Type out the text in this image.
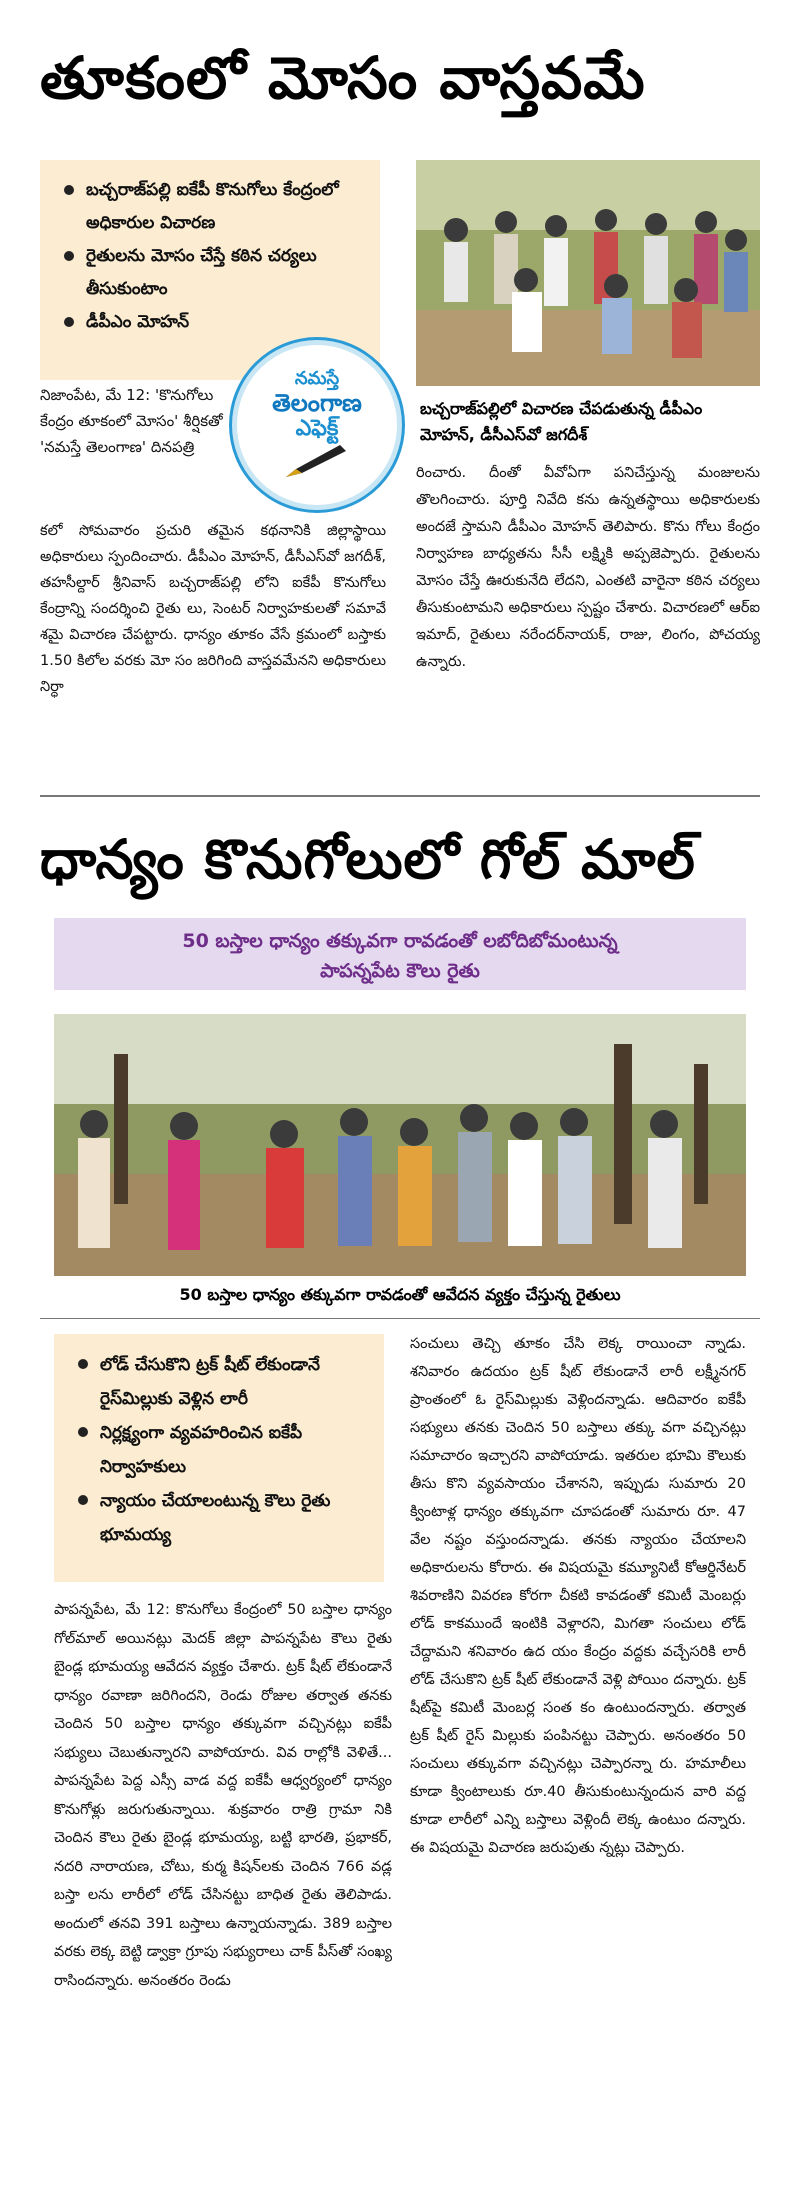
తూకంలో మోసం వాస్తవమే
బచ్చరాజ్‌పల్లి ఐకేపీ కొనుగోలు కేంద్రంలో అధికారుల విచారణ
రైతులను మోసం చేస్తే కఠిన చర్యలు తీసుకుంటాం
డీపీఎం మోహన్
నమస్తే
తెలంగాణ
ఎఫెక్ట్
బచ్చరాజ్‌పల్లిలో విచారణ చేపడుతున్న డీపీఎం మోహన్, డీసీఎస్‌వో జగదీశ్
నిజాంపేట, మే 12: 'కొనుగోలు కేంద్రం తూకంలో మోసం' శీర్షికతో 'నమస్తే తెలంగాణ' దినపత్రి
కలో సోమవారం ప్రచురి తమైన కథనానికి జిల్లాస్థాయి అధికారులు స్పందించారు. డీపీఎం మోహన్, డీసీఎస్‌వో జగదీశ్, తహసీల్దార్ శ్రీనివాస్ బచ్చరాజ్‌పల్లి లోని ఐకేపీ కొనుగోలు కేంద్రాన్ని సందర్శించి రైతు లు, సెంటర్ నిర్వాహకులతో సమావే శమై విచారణ చేపట్టారు. ధాన్యం తూకం వేసే క్రమంలో బస్తాకు 1.50 కిలోల వరకు మో సం జరిగింది వాస్తవమేనని అధికారులు నిర్ధా
రించారు. దీంతో వీవోఏగా పనిచేస్తున్న మంజులను తొలగించారు. పూర్తి నివేది కను ఉన్నతస్థాయి అధికారులకు అందజే స్తామని డీపీఎం మోహన్ తెలిపారు. కొను గోలు కేంద్రం నిర్వాహణ బాధ్యతను సీసీ లక్ష్మికి అప్పజెప్పారు. రైతులను మోసం చేస్తే ఊరుకునేది లేదని, ఎంతటి వారైనా కఠిన చర్యలు తీసుకుంటామని అధికారులు స్పష్టం చేశారు. విచారణలో ఆర్‌ఐ ఇమాద్, రైతులు నరేందర్‌నాయక్, రాజు, లింగం, పోచయ్య ఉన్నారు.
ధాన్యం కొనుగోలులో గోల్ మాల్
50 బస్తాల ధాన్యం తక్కువగా రావడంతో లబోదిబోమంటున్న
పాపన్నపేట కౌలు రైతు
50 బస్తాల ధాన్యం తక్కువగా రావడంతో ఆవేదన వ్యక్తం చేస్తున్న రైతులు
లోడ్ చేసుకొని ట్రక్ షీట్ లేకుండానే రైస్‌మిల్లుకు వెళ్లిన లారీ
నిర్లక్ష్యంగా వ్యవహరించిన ఐకేపీ నిర్వాహకులు
న్యాయం చేయాలంటున్న కౌలు రైతు భూమయ్య
పాపన్నపేట, మే 12: కొనుగోలు కేంద్రంలో 50 బస్తాల ధాన్యం గోల్‌మాల్ అయినట్లు మెదక్ జిల్లా పాపన్నపేట కౌలు రైతు బైండ్ల భూమయ్య ఆవేదన వ్యక్తం చేశారు. ట్రక్ షీట్ లేకుండానే ధాన్యం రవాణా జరిగిందని, రెండు రోజుల తర్వాత తనకు చెందిన 50 బస్తాల ధాన్యం తక్కువగా వచ్చినట్లు ఐకేపీ సభ్యులు చెబుతున్నారని వాపోయారు. వివ రాల్లోకి వెళితే... పాపన్నపేట పెద్ద ఎస్సీ వాడ వద్ద ఐకేపీ ఆధ్వర్యంలో ధాన్యం కొనుగోళ్లు జరుగుతున్నాయి. శుక్రవారం రాత్రి గ్రామా నికి చెందిన కౌలు రైతు బైండ్ల భూమయ్య, బట్టి భారతి, ప్రభాకర్, నదరి నారాయణ, చోటు, కుర్మ కిషన్‌లకు చెందిన 766 వడ్ల బస్తా లను లారీలో లోడ్ చేసినట్టు బాధిత రైతు తెలిపాడు. అందులో తనవి 391 బస్తాలు ఉన్నాయన్నాడు. 389 బస్తాల వరకు లెక్క బెట్టి డ్వాక్రా గ్రూపు సభ్యురాలు చాక్ పీస్‌తో సంఖ్య రాసిందన్నారు. అనంతరం రెండు
సంచులు తెచ్చి తూకం చేసి లెక్క రాయించా న్నాడు. శనివారం ఉదయం ట్రక్ షీట్ లేకుండానే లారీ లక్ష్మీనగర్ ప్రాంతంలో ఓ రైస్‌మిల్లుకు వెళ్లిందన్నాడు. ఆదివారం ఐకేపీ సభ్యులు తనకు చెందిన 50 బస్తాలు తక్కు వగా వచ్చినట్లు సమాచారం ఇచ్చారని వాపోయాడు. ఇతరుల భూమి కౌలుకు తీసు కొని వ్యవసాయం చేశానని, ఇప్పుడు సుమారు 20 క్వింటాళ్ల ధాన్యం తక్కువగా చూపడంతో సుమారు రూ. 47 వేల నష్టం వస్తుందన్నాడు. తనకు న్యాయం చేయాలని అధికారులను కోరారు. ఈ విషయమై కమ్యూనిటీ కోఆర్డినేటర్ శివరాణిని వివరణ కోరగా చీకటి కావడంతో కమిటీ మెంబర్లు లోడ్ కాకముందే ఇంటికి వెళ్లారని, మిగతా సంచులు లోడ్ చేద్దామని శనివారం ఉద యం కేంద్రం వద్దకు వచ్చేసరికి లారీ లోడ్ చేసుకొని ట్రక్ షీట్ లేకుండానే వెళ్లి పోయిం దన్నారు. ట్రక్ షీట్‌పై కమిటీ మెంబర్ల సంత కం ఉంటుందన్నారు. తర్వాత ట్రక్ షీట్ రైస్ మిల్లుకు పంపినట్టు చెప్పారు. అనంతరం 50 సంచులు తక్కువగా వచ్చినట్లు చెప్పారన్నా రు. హమాలీలు కూడా క్వింటాలుకు రూ.40 తీసుకుంటున్నందున వారి వద్ద కూడా లారీలో ఎన్ని బస్తాలు వెళ్లిందీ లెక్క ఉంటుం దన్నారు. ఈ విషయమై విచారణ జరుపుతు న్నట్లు చెప్పారు.
